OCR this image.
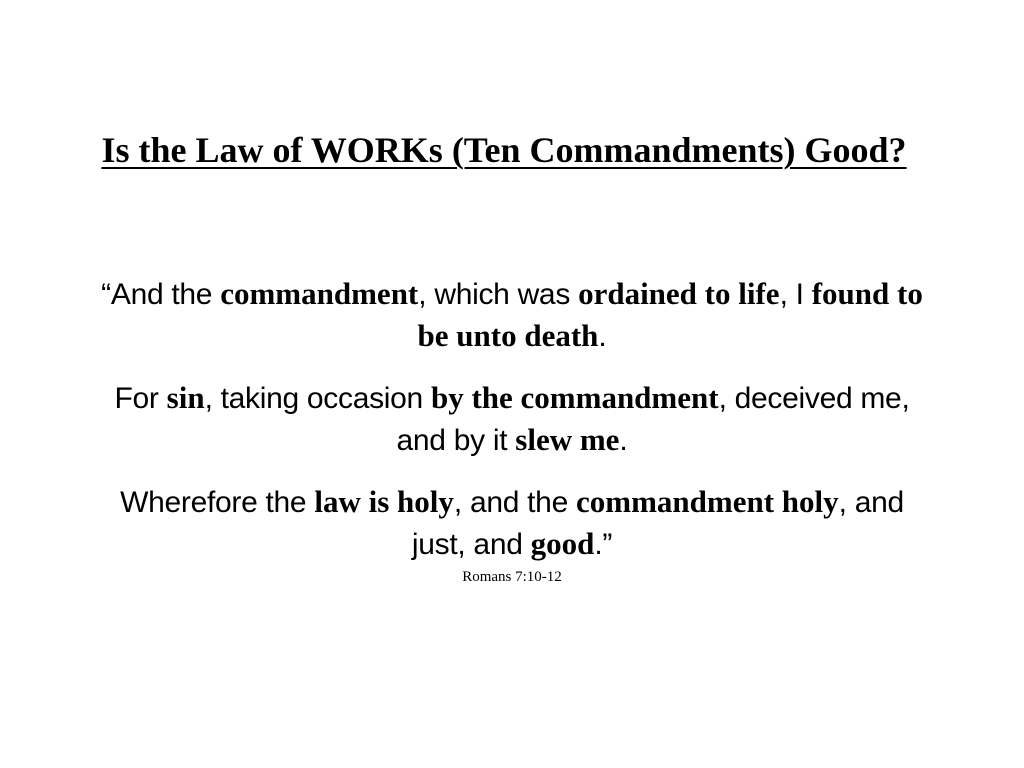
Is the Law of WORKs (Ten Commandments) Good?

“And the commandment, which was ordained to life, I found to be unto death.

For sin, taking occasion by the commandment, deceived me, and by it slew me.

Wherefore the law is holy, and the commandment holy, and just, and good.”

Romans 7:10-12
